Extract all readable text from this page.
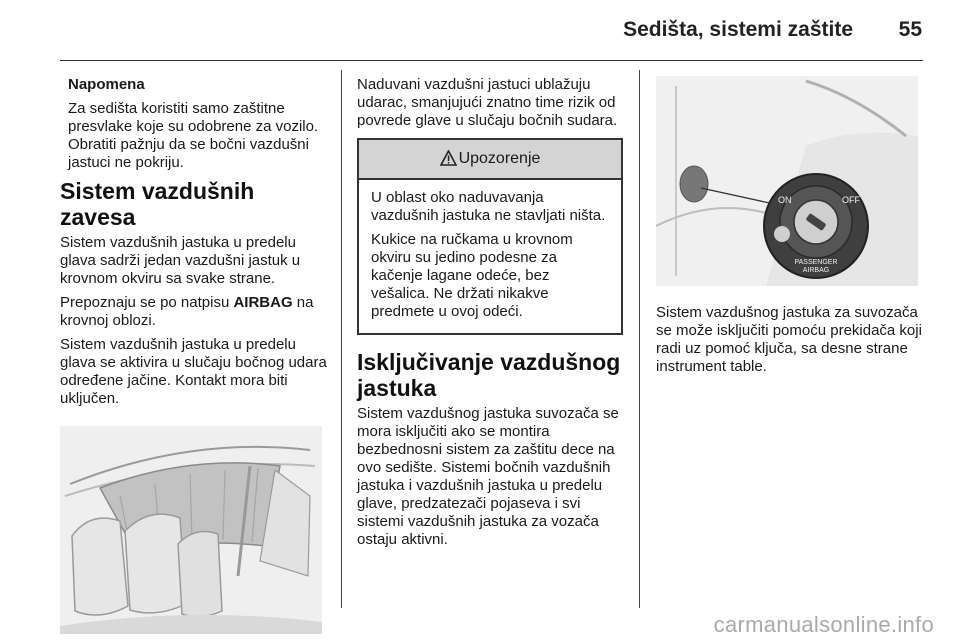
Sedišta, sistemi zaštite 55

Napomena

Za sedišta koristiti samo zaštitne presvlake koje su odobrene za vozilo. Obratiti pažnju da se bočni vazdušni jastuci ne pokriju.

Sistem vazdušnih zavesa

Sistem vazdušnih jastuka u predelu glava sadrži jedan vazdušni jastuk u krovnom okviru sa svake strane.

Prepoznaju se po natpisu AIRBAG na krovnoj oblozi.

Sistem vazdušnih jastuka u predelu glava se aktivira u slučaju bočnog udara određene jačine. Kontakt mora biti uključen.

Naduvani vazdušni jastuci ublažuju udarac, smanjujući znatno time rizik od povrede glave u slučaju bočnih sudara.

Upozorenje

U oblast oko naduvavanja vazdušnih jastuka ne stavljati ništa.

Kukice na ručkama u krovnom okviru su jedino podesne za kačenje lagane odeće, bez vešalica. Ne držati nikakve predmete u ovoj odeći.

Isključivanje vazdušnog jastuka

Sistem vazdušnog jastuka suvozača se mora isključiti ako se montira bezbednosni sistem za zaštitu dece na ovo sedište. Sistemi bočnih vazdušnih jastuka i vazdušnih jastuka u predelu glave, predzatezači pojaseva i svi sistemi vazdušnih jastuka za vozača ostaju aktivni.

ON	OFF
PASSENGER
AIRBAG

Sistem vazdušnog jastuka za suvozača se može isključiti pomoću prekidača koji radi uz pomoć ključa, sa desne strane instrument table.

carmanualsonline.info
